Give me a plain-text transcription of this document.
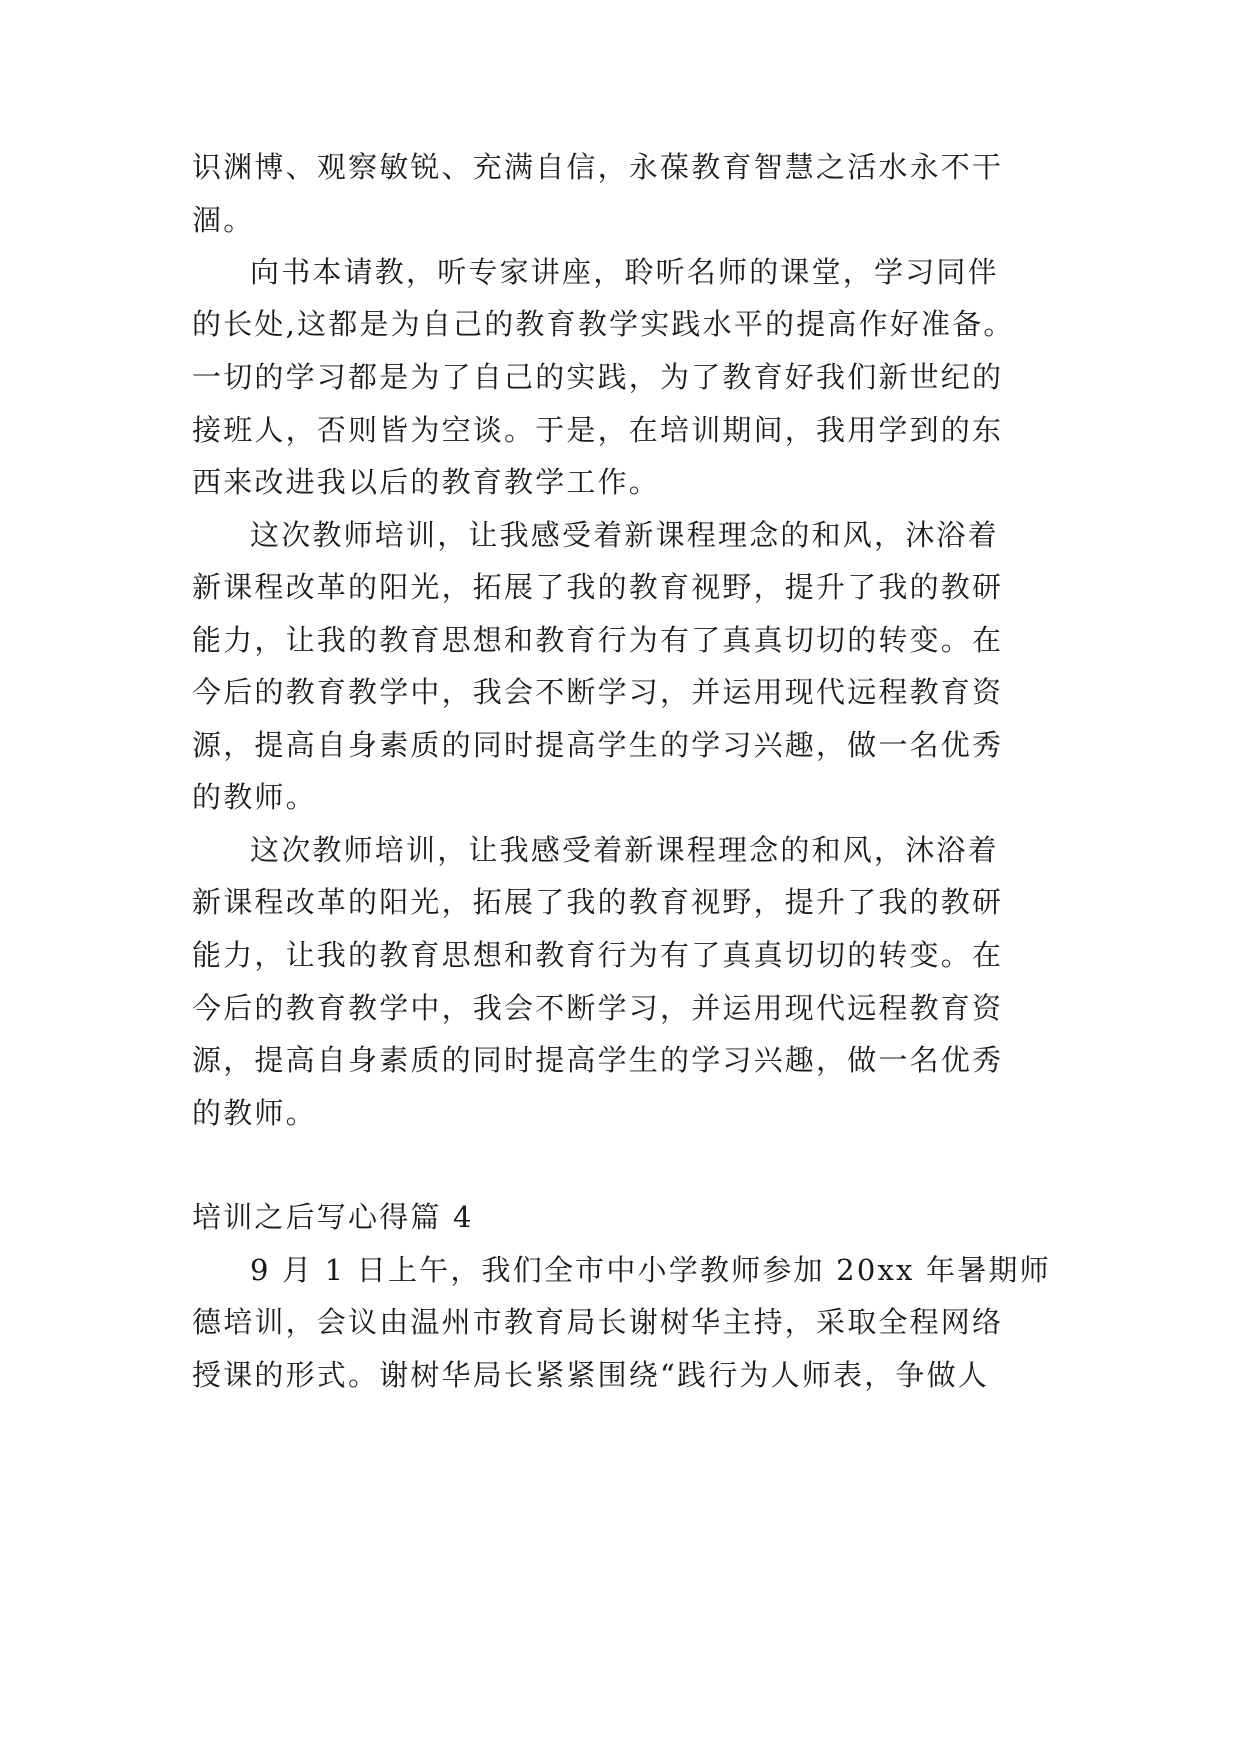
识渊博、观察敏锐、充满自信，永葆教育智慧之活水永不干
涸。
向书本请教，听专家讲座，聆听名师的课堂，学习同伴
的长处,这都是为自己的教育教学实践水平的提高作好准备。
一切的学习都是为了自己的实践，为了教育好我们新世纪的
接班人，否则皆为空谈。于是，在培训期间，我用学到的东
西来改进我以后的教育教学工作。
这次教师培训，让我感受着新课程理念的和风，沐浴着
新课程改革的阳光，拓展了我的教育视野，提升了我的教研
能力，让我的教育思想和教育行为有了真真切切的转变。在
今后的教育教学中，我会不断学习，并运用现代远程教育资
源，提高自身素质的同时提高学生的学习兴趣，做一名优秀
的教师。
这次教师培训，让我感受着新课程理念的和风，沐浴着
新课程改革的阳光，拓展了我的教育视野，提升了我的教研
能力，让我的教育思想和教育行为有了真真切切的转变。在
今后的教育教学中，我会不断学习，并运用现代远程教育资
源，提高自身素质的同时提高学生的学习兴趣，做一名优秀
的教师。
培训之后写心得篇 4
9 月 1 日上午，我们全市中小学教师参加 20xx 年暑期师
德培训，会议由温州市教育局长谢树华主持，采取全程网络
授课的形式。谢树华局长紧紧围绕“践行为人师表，争做人
